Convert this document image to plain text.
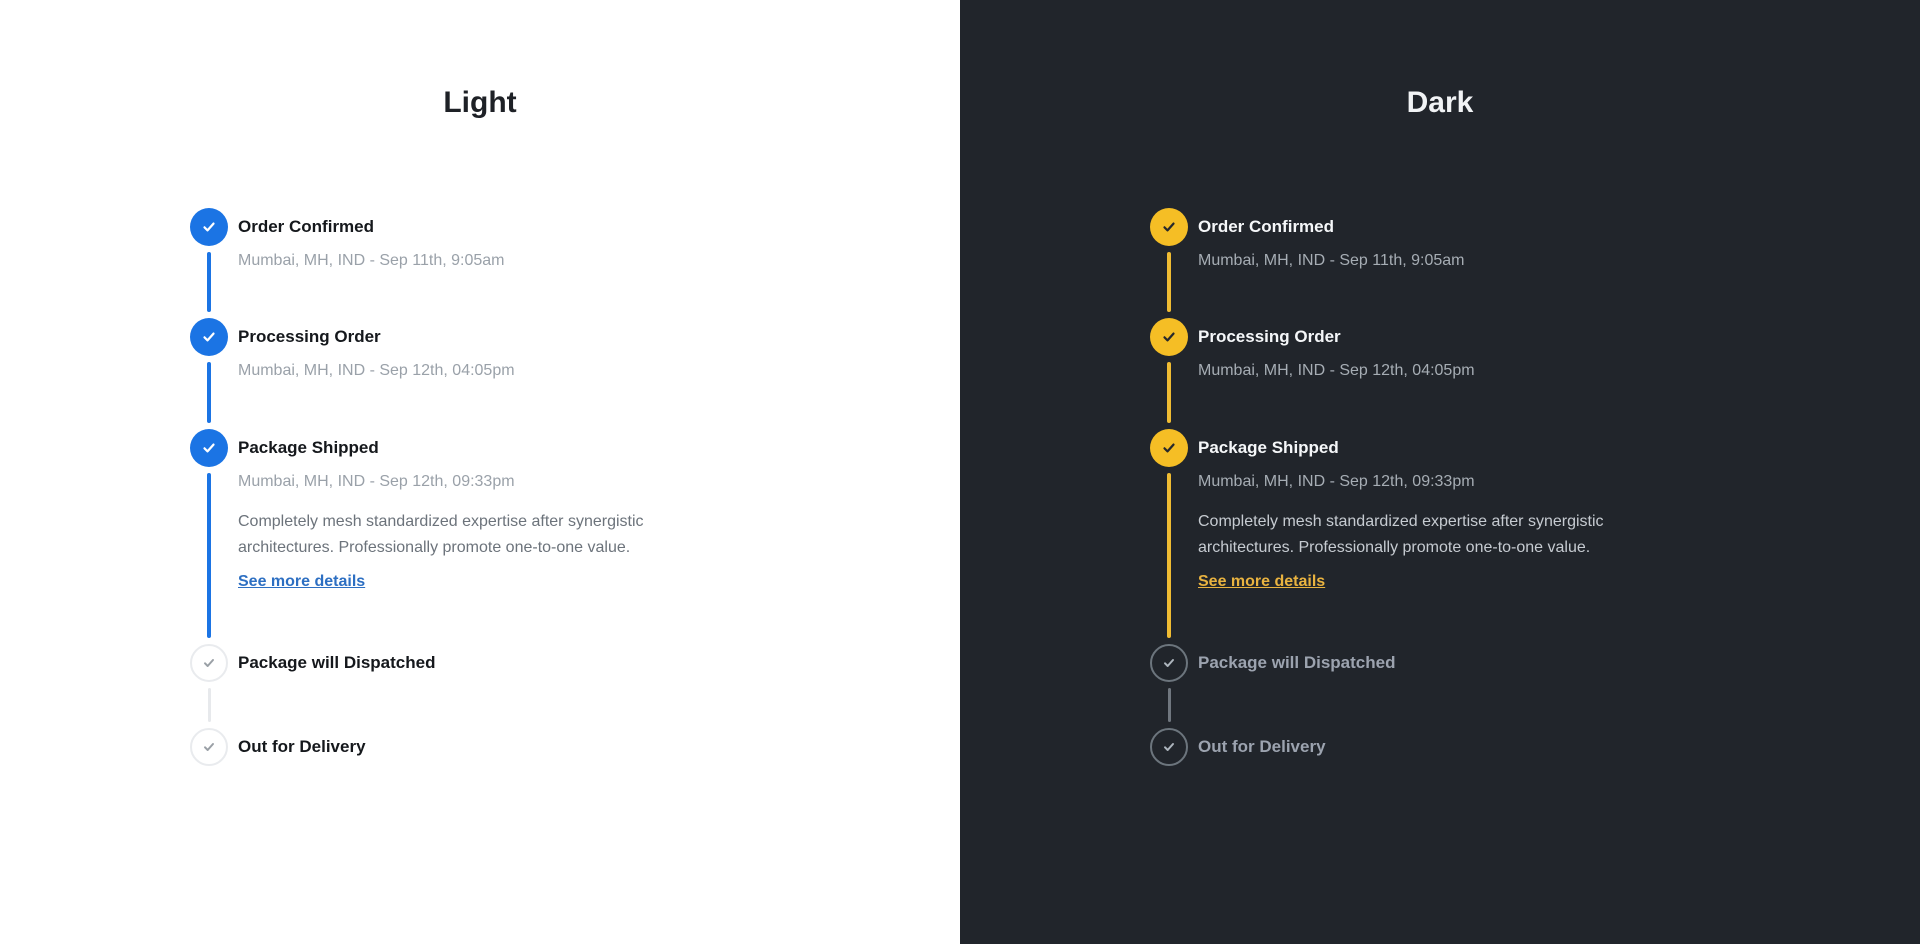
Light
Order Confirmed
Mumbai, MH, IND - Sep 11th, 9:05am
Processing Order
Mumbai, MH, IND - Sep 12th, 04:05pm
Package Shipped
Mumbai, MH, IND - Sep 12th, 09:33pm
Completely mesh standardized expertise after synergistic
architectures. Professionally promote one-to-one value.
See more details
Package will Dispatched
Out for Delivery
Dark
Order Confirmed
Mumbai, MH, IND - Sep 11th, 9:05am
Processing Order
Mumbai, MH, IND - Sep 12th, 04:05pm
Package Shipped
Mumbai, MH, IND - Sep 12th, 09:33pm
Completely mesh standardized expertise after synergistic
architectures. Professionally promote one-to-one value.
See more details
Package will Dispatched
Out for Delivery
